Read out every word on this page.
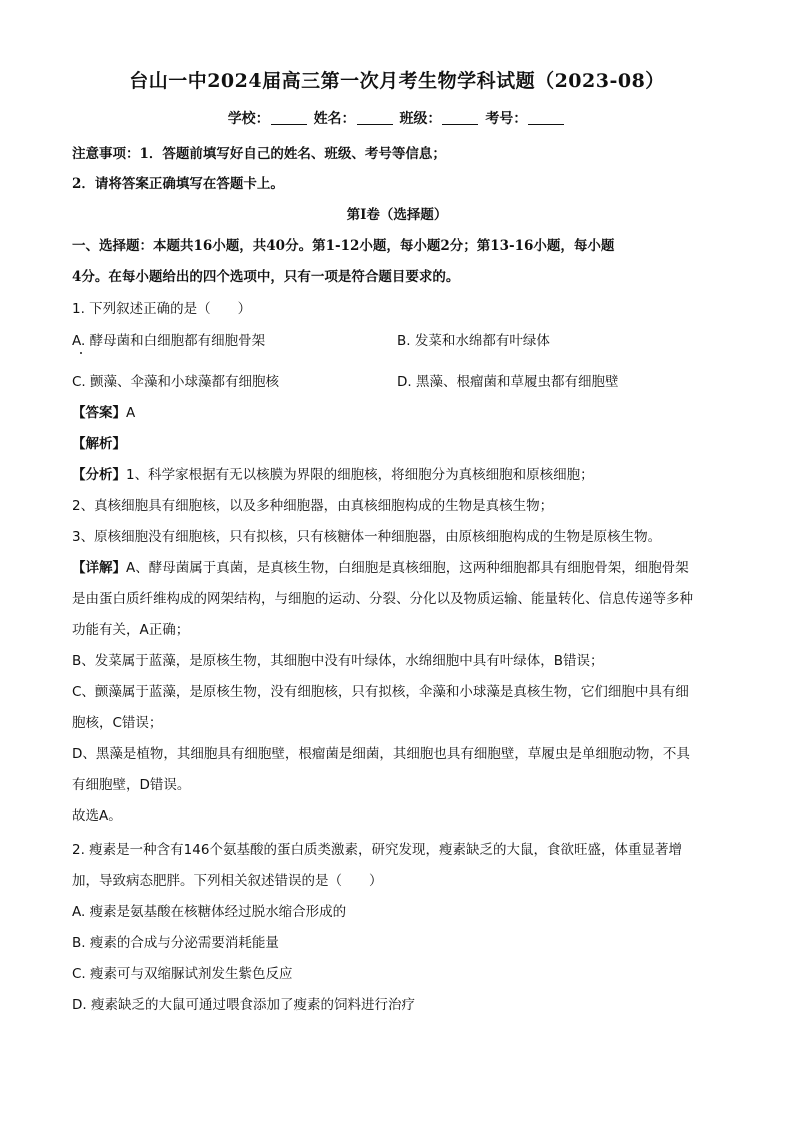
台山一中2024届高三第一次月考生物学科试题（2023-08）
学校：	姓名：	班级：	考号：
注意事项：1．答题前填写好自己的姓名、班级、考号等信息；
2．请将答案正确填写在答题卡上。
第I卷（选择题）
一、选择题：本题共16小题，共40分。第1-12小题，每小题2分；第13-16小题，每小题
4分。在每小题给出的四个选项中，只有一项是符合题目要求的。
1. 下列叙述正确的是（　　）
A. 酵母菌和白细胞都有细胞骨架	B. 发菜和水绵都有叶绿体
C. 颤藻、伞藻和小球藻都有细胞核	D. 黑藻、根瘤菌和草履虫都有细胞壁
【答案】A
【解析】
【分析】1、科学家根据有无以核膜为界限的细胞核，将细胞分为真核细胞和原核细胞；
2、真核细胞具有细胞核，以及多种细胞器，由真核细胞构成的生物是真核生物；
3、原核细胞没有细胞核，只有拟核，只有核糖体一种细胞器，由原核细胞构成的生物是原核生物。
【详解】A、酵母菌属于真菌，是真核生物，白细胞是真核细胞，这两种细胞都具有细胞骨架，细胞骨架
是由蛋白质纤维构成的网架结构，与细胞的运动、分裂、分化以及物质运输、能量转化、信息传递等多种
功能有关，A正确；
B、发菜属于蓝藻，是原核生物，其细胞中没有叶绿体，水绵细胞中具有叶绿体，B错误；
C、颤藻属于蓝藻，是原核生物，没有细胞核，只有拟核，伞藻和小球藻是真核生物，它们细胞中具有细
胞核，C错误；
D、黑藻是植物，其细胞具有细胞壁，根瘤菌是细菌，其细胞也具有细胞壁，草履虫是单细胞动物，不具
有细胞壁，D错误。
故选A。
2. 瘦素是一种含有146个氨基酸的蛋白质类激素，研究发现，瘦素缺乏的大鼠，食欲旺盛，体重显著增
加，导致病态肥胖。下列相关叙述错误的是（　　）
A. 瘦素是氨基酸在核糖体经过脱水缩合形成的
B. 瘦素的合成与分泌需要消耗能量
C. 瘦素可与双缩脲试剂发生紫色反应
D. 瘦素缺乏的大鼠可通过喂食添加了瘦素的饲料进行治疗
